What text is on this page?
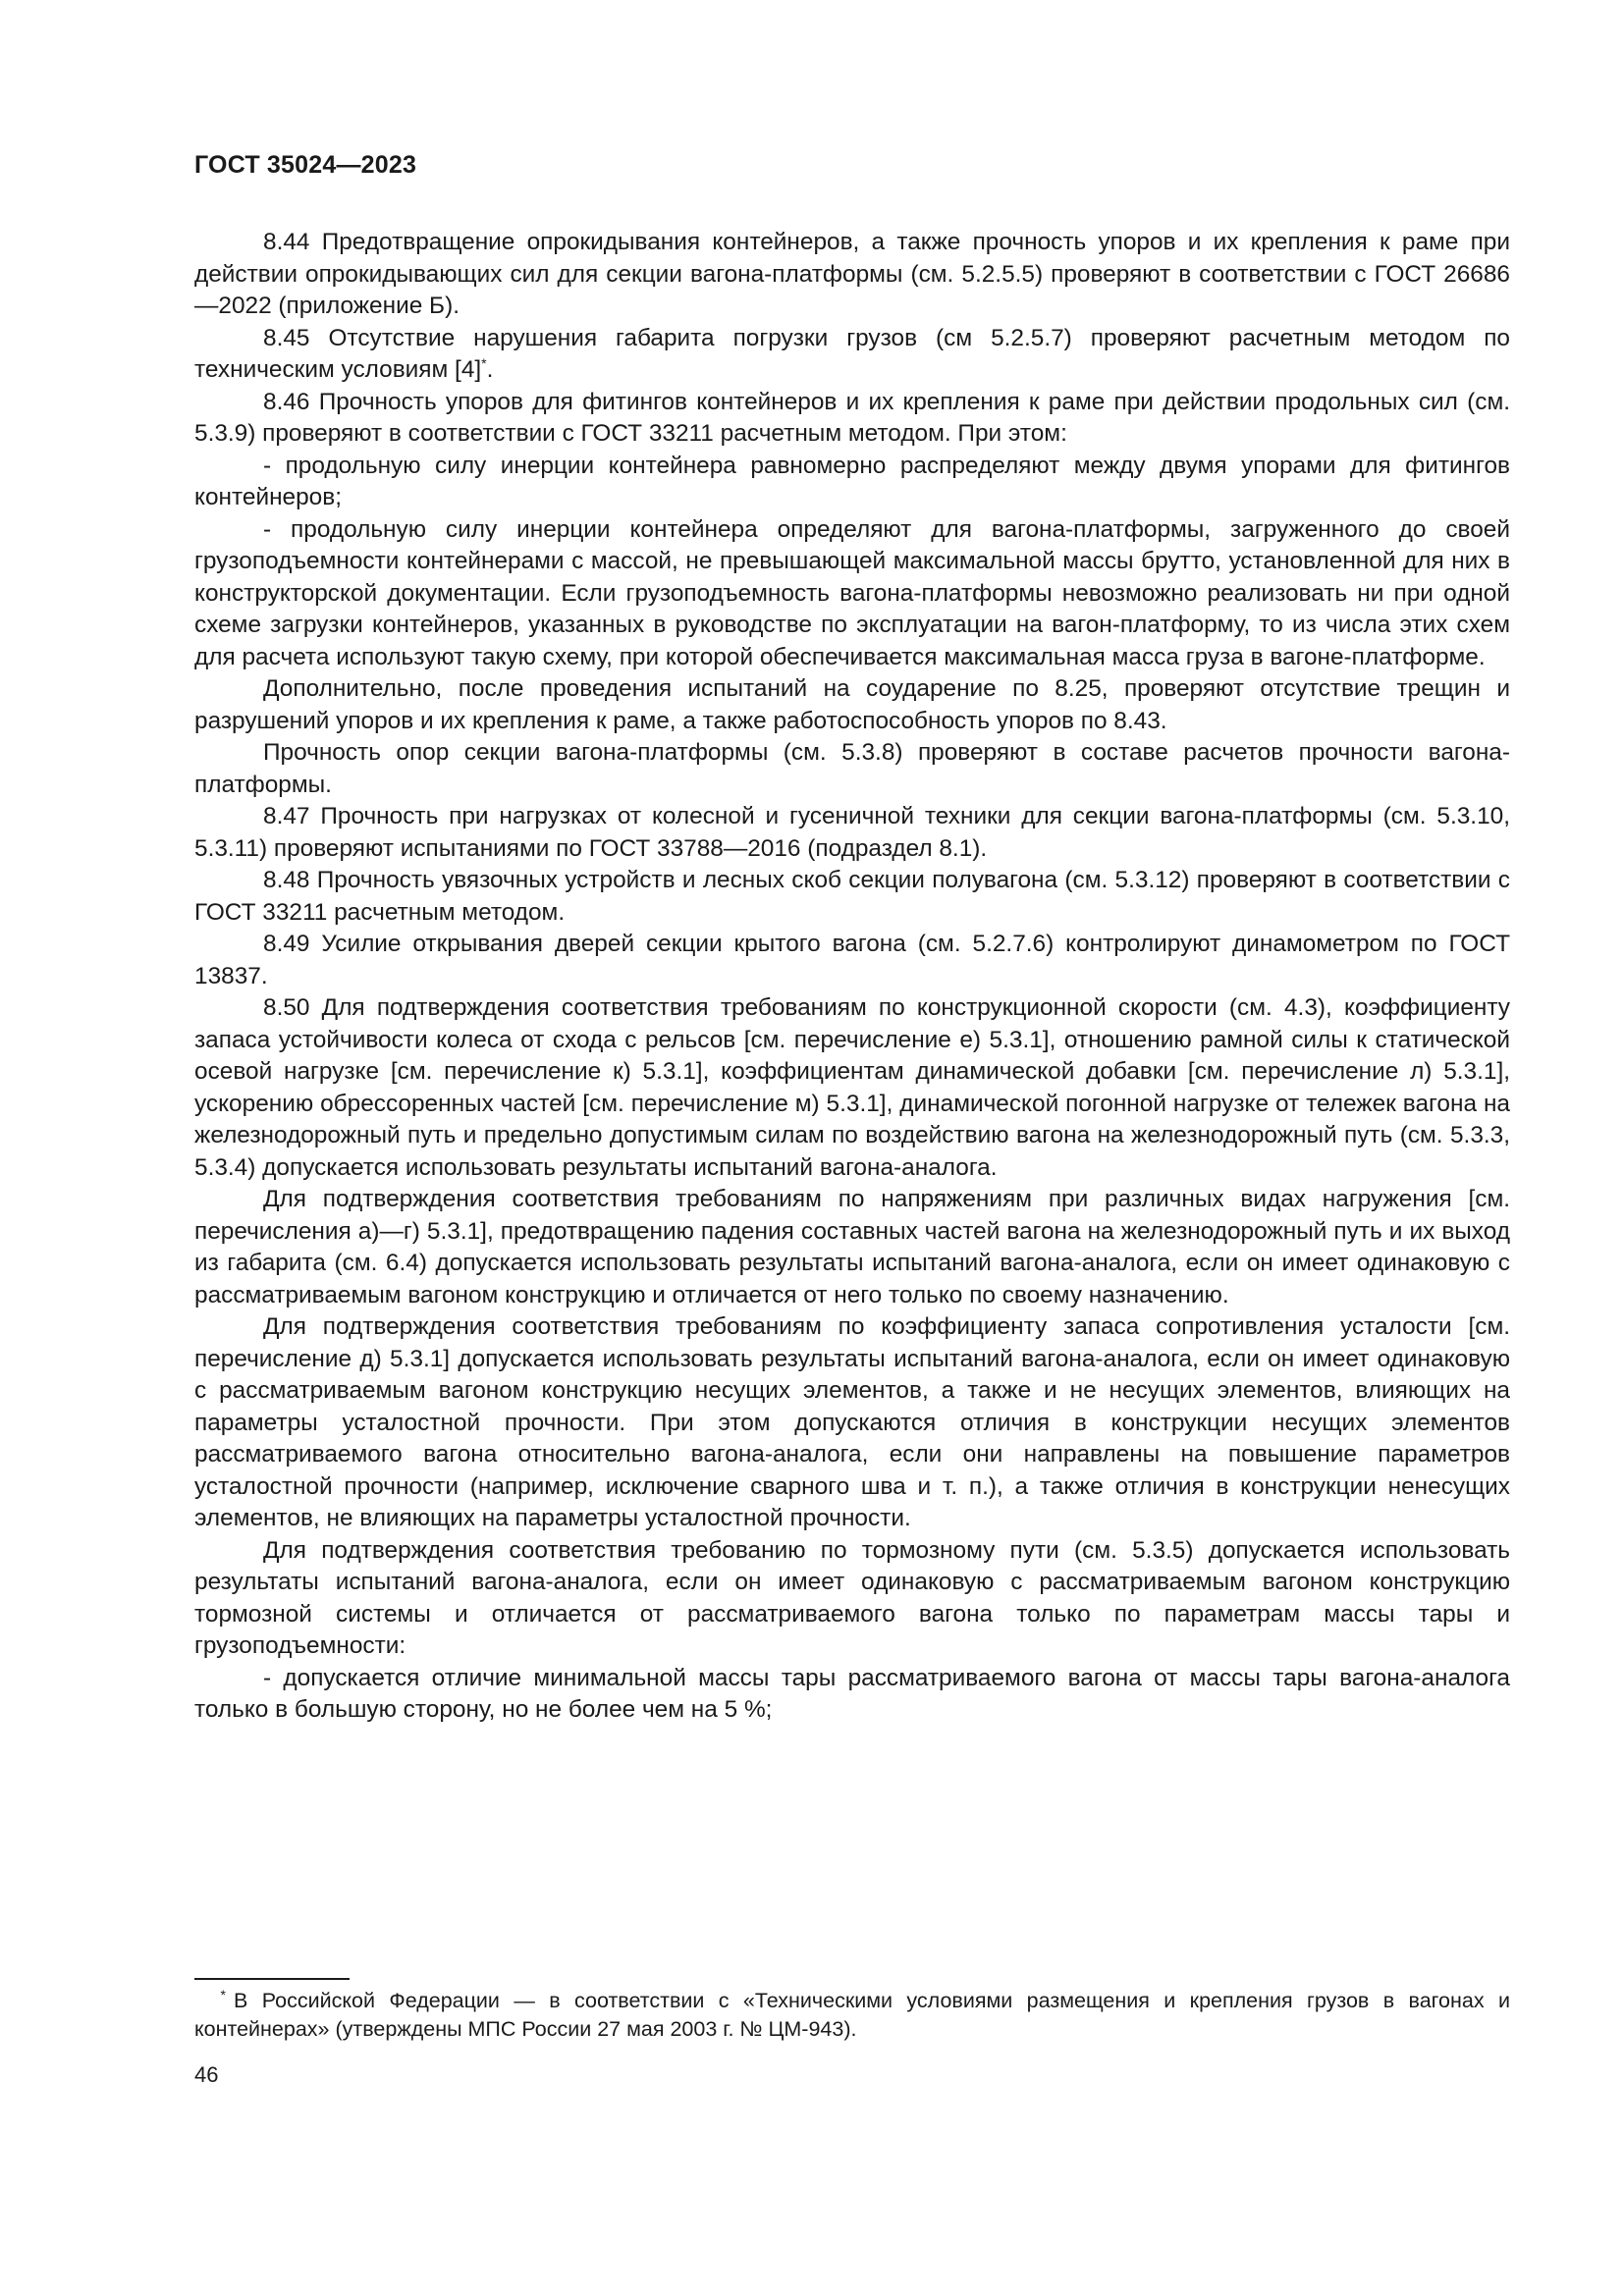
ГОСТ 35024—2023

8.44 Предотвращение опрокидывания контейнеров, а также прочность упоров и их крепления к раме при действии опрокидывающих сил для секции вагона-платформы (см. 5.2.5.5) проверяют в соответствии с ГОСТ 26686—2022 (приложение Б).

8.45 Отсутствие нарушения габарита погрузки грузов (см 5.2.5.7) проверяют расчетным методом по техническим условиям [4]*.

8.46 Прочность упоров для фитингов контейнеров и их крепления к раме при действии продольных сил (см. 5.3.9) проверяют в соответствии с ГОСТ 33211 расчетным методом. При этом:

- продольную силу инерции контейнера равномерно распределяют между двумя упорами для фитингов контейнеров;

- продольную силу инерции контейнера определяют для вагона-платформы, загруженного до своей грузоподъемности контейнерами с массой, не превышающей максимальной массы брутто, установленной для них в конструкторской документации. Если грузоподъемность вагона-платформы невозможно реализовать ни при одной схеме загрузки контейнеров, указанных в руководстве по эксплуатации на вагон-платформу, то из числа этих схем для расчета используют такую схему, при которой обеспечивается максимальная масса груза в вагоне-платформе.

Дополнительно, после проведения испытаний на соударение по 8.25, проверяют отсутствие трещин и разрушений упоров и их крепления к раме, а также работоспособность упоров по 8.43.

Прочность опор секции вагона-платформы (см. 5.3.8) проверяют в составе расчетов прочности вагона-платформы.

8.47 Прочность при нагрузках от колесной и гусеничной техники для секции вагона-платформы (см. 5.3.10, 5.3.11) проверяют испытаниями по ГОСТ 33788—2016 (подраздел 8.1).

8.48 Прочность увязочных устройств и лесных скоб секции полувагона (см. 5.3.12) проверяют в соответствии с ГОСТ 33211 расчетным методом.

8.49 Усилие открывания дверей секции крытого вагона (см. 5.2.7.6) контролируют динамометром по ГОСТ 13837.

8.50 Для подтверждения соответствия требованиям по конструкционной скорости (см. 4.3), коэффициенту запаса устойчивости колеса от схода с рельсов [см. перечисление е) 5.3.1], отношению рамной силы к статической осевой нагрузке [см. перечисление к) 5.3.1], коэффициентам динамической добавки [см. перечисление л) 5.3.1], ускорению обрессоренных частей [см. перечисление м) 5.3.1], динамической погонной нагрузке от тележек вагона на железнодорожный путь и предельно допустимым силам по воздействию вагона на железнодорожный путь (см. 5.3.3, 5.3.4) допускается использовать результаты испытаний вагона-аналога.

Для подтверждения соответствия требованиям по напряжениям при различных видах нагружения [см. перечисления а)—г) 5.3.1], предотвращению падения составных частей вагона на железнодорожный путь и их выход из габарита (см. 6.4) допускается использовать результаты испытаний вагона-аналога, если он имеет одинаковую с рассматриваемым вагоном конструкцию и отличается от него только по своему назначению.

Для подтверждения соответствия требованиям по коэффициенту запаса сопротивления усталости [см. перечисление д) 5.3.1] допускается использовать результаты испытаний вагона-аналога, если он имеет одинаковую с рассматриваемым вагоном конструкцию несущих элементов, а также и не несущих элементов, влияющих на параметры усталостной прочности. При этом допускаются отличия в конструкции несущих элементов рассматриваемого вагона относительно вагона-аналога, если они направлены на повышение параметров усталостной прочности (например, исключение сварного шва и т. п.), а также отличия в конструкции ненесущих элементов, не влияющих на параметры усталостной прочности.

Для подтверждения соответствия требованию по тормозному пути (см. 5.3.5) допускается использовать результаты испытаний вагона-аналога, если он имеет одинаковую с рассматриваемым вагоном конструкцию тормозной системы и отличается от рассматриваемого вагона только по параметрам массы тары и грузоподъемности:

- допускается отличие минимальной массы тары рассматриваемого вагона от массы тары вагона-аналога только в большую сторону, но не более чем на 5 %;

* В Российской Федерации — в соответствии с «Техническими условиями размещения и крепления грузов в вагонах и контейнерах» (утверждены МПС России 27 мая 2003 г. № ЦМ-943).
46
